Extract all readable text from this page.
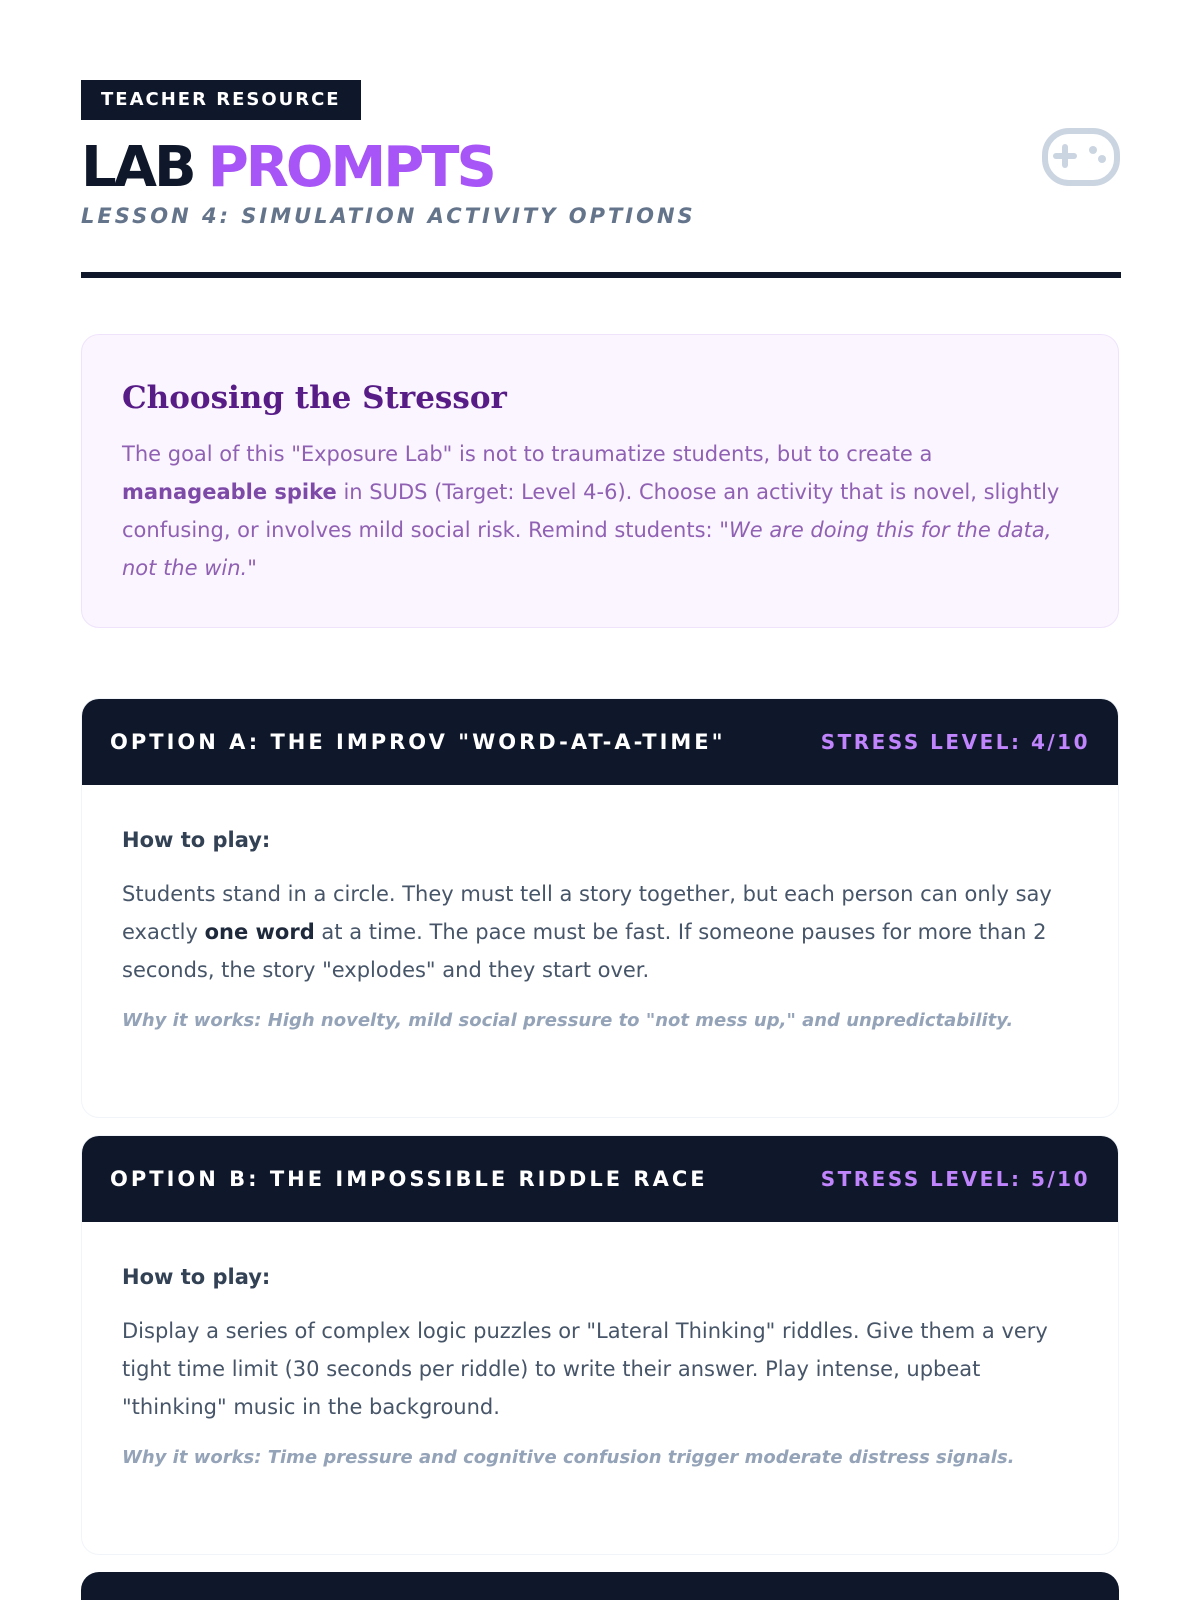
TEACHER RESOURCE
LAB PROMPTS
LESSON 4: SIMULATION ACTIVITY OPTIONS
Choosing the Stressor

The goal of this "Exposure Lab" is not to traumatize students, but to create a manageable spike in SUDS (Target: Level 4-6). Choose an activity that is novel, slightly confusing, or involves mild social risk. Remind students: "We are doing this for the data, not the win."

OPTION A: THE IMPROV "WORD-AT-A-TIME"	STRESS LEVEL: 4/10

How to play:

Students stand in a circle. They must tell a story together, but each person can only say exactly one word at a time. The pace must be fast. If someone pauses for more than 2 seconds, the story "explodes" and they start over.

Why it works: High novelty, mild social pressure to "not mess up," and unpredictability.

OPTION B: THE IMPOSSIBLE RIDDLE RACE	STRESS LEVEL: 5/10

How to play:

Display a series of complex logic puzzles or "Lateral Thinking" riddles. Give them a very tight time limit (30 seconds per riddle) to write their answer. Play intense, upbeat "thinking" music in the background.

Why it works: Time pressure and cognitive confusion trigger moderate distress signals.
